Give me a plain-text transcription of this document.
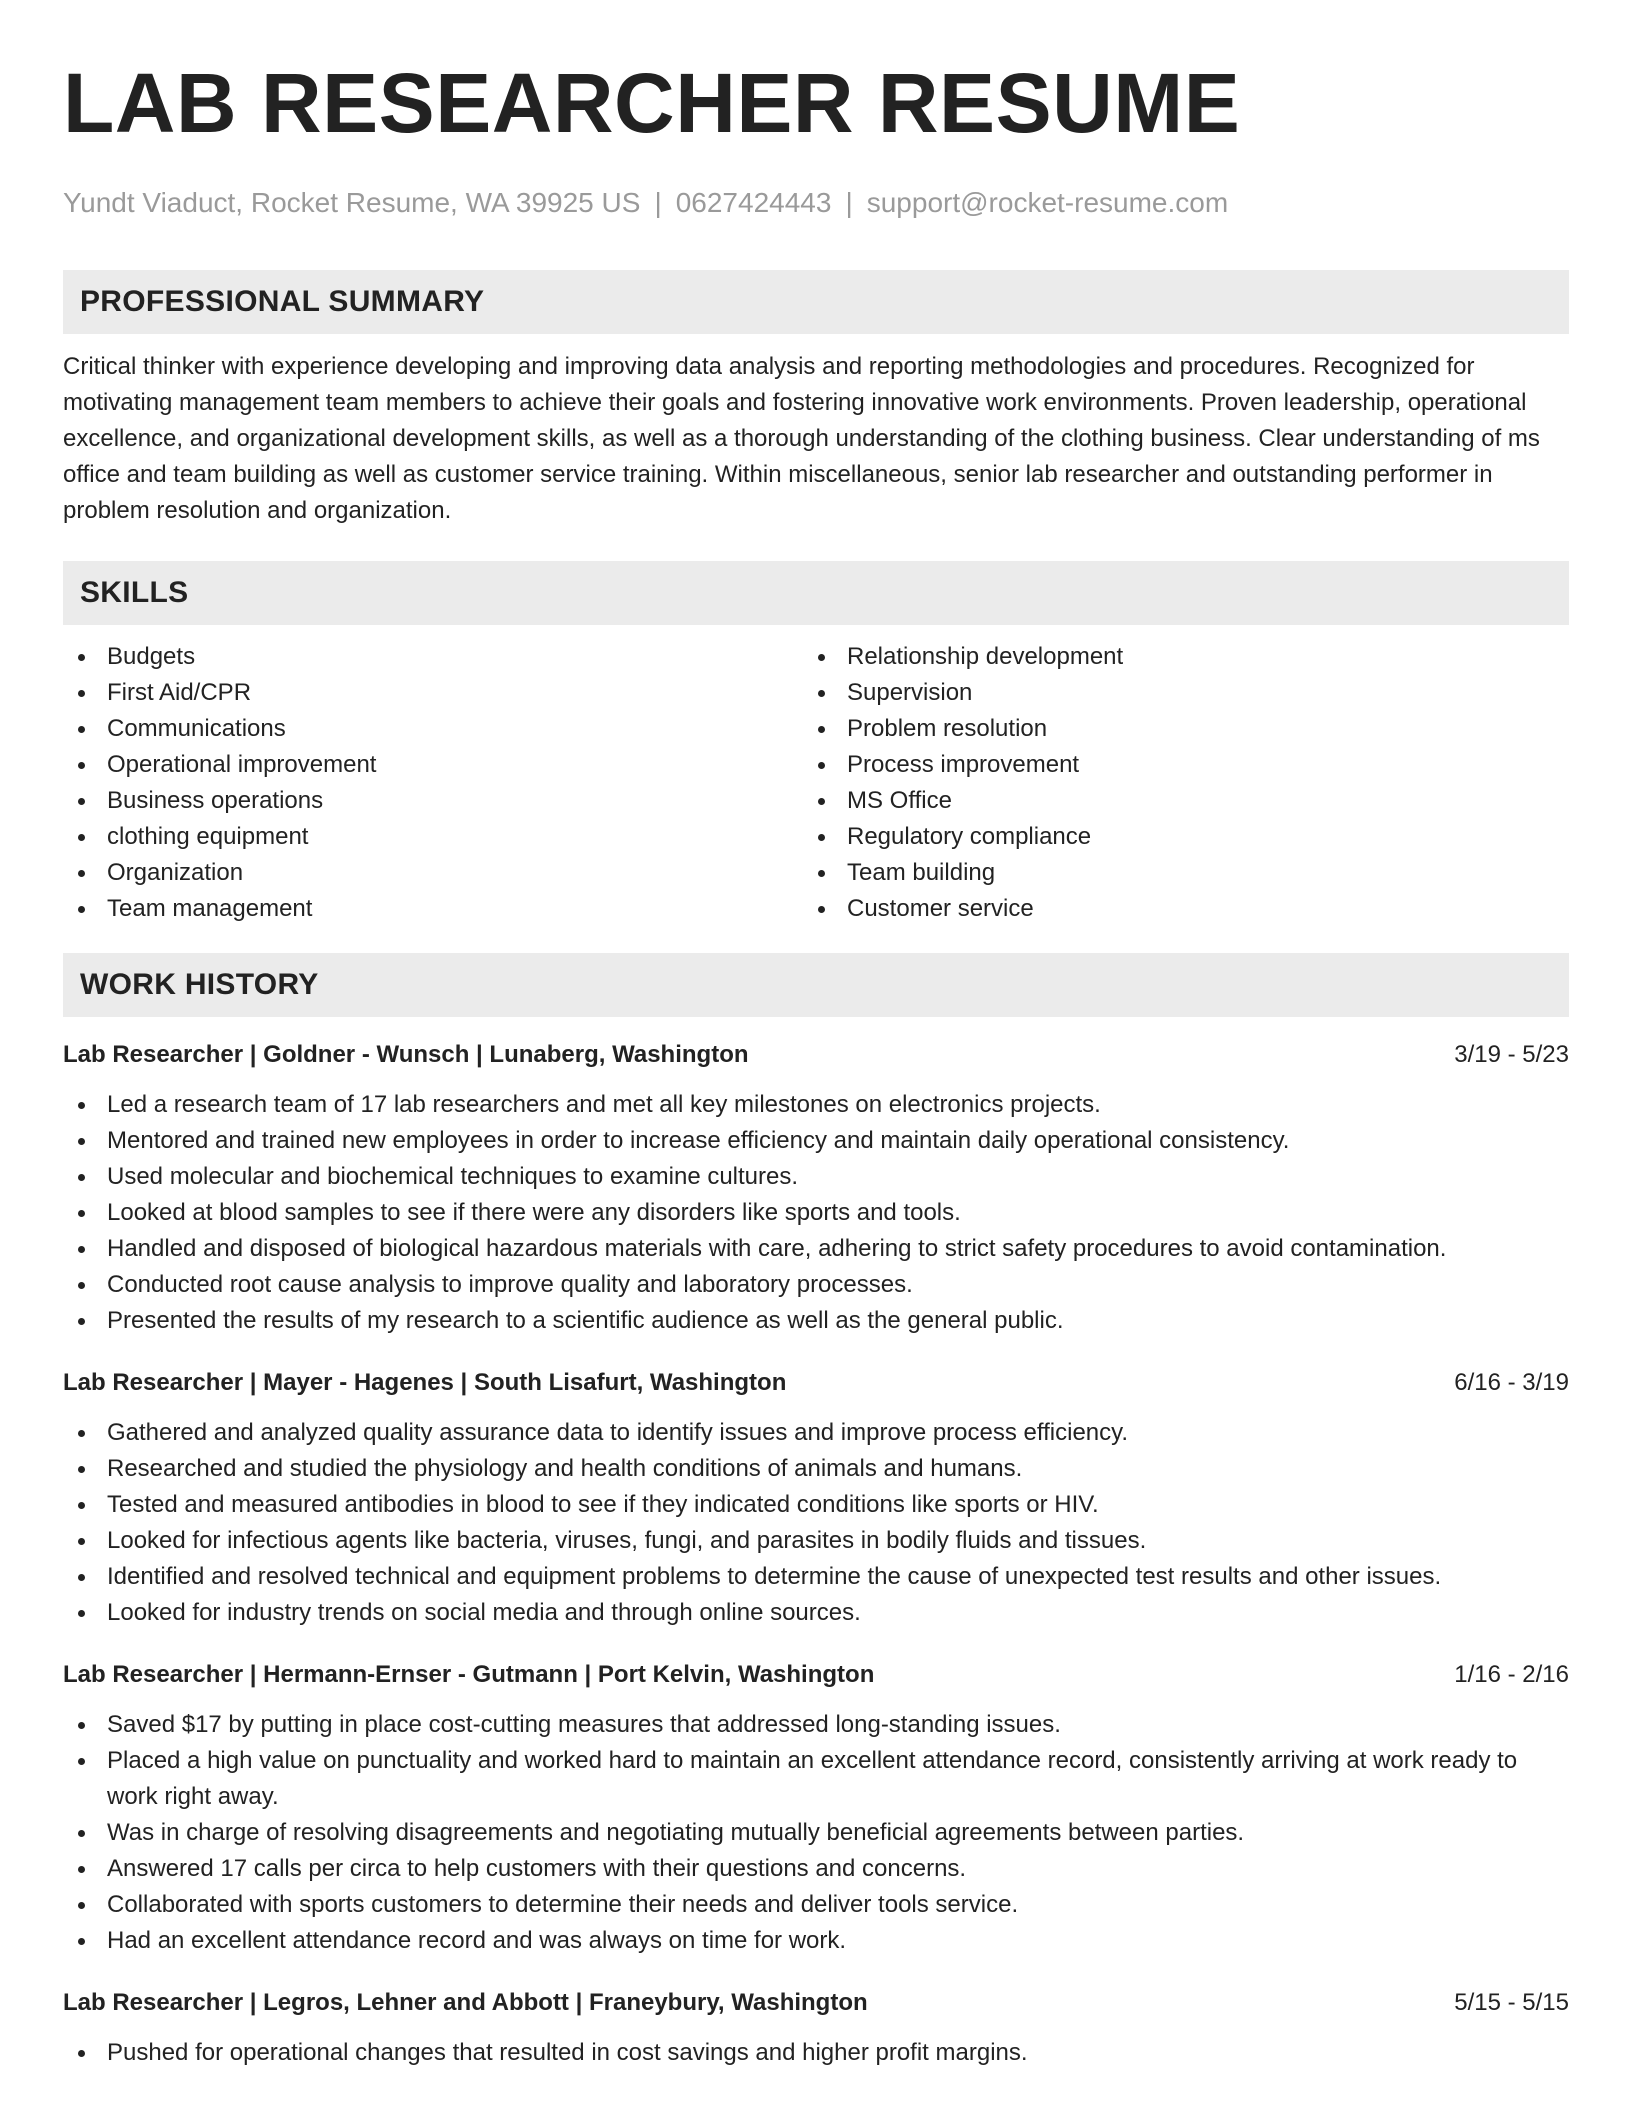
LAB RESEARCHER RESUME
Yundt Viaduct, Rocket Resume, WA 39925 US | 0627424443 | support@rocket-resume.com
PROFESSIONAL SUMMARY

Critical thinker with experience developing and improving data analysis and reporting methodologies and procedures. Recognized for motivating management team members to achieve their goals and fostering innovative work environments. Proven leadership, operational excellence, and organizational development skills, as well as a thorough understanding of the clothing business. Clear understanding of ms office and team building as well as customer service training. Within miscellaneous, senior lab researcher and outstanding performer in problem resolution and organization.

SKILLS
Budgets
First Aid/CPR
Communications
Operational improvement
Business operations
clothing equipment
Organization
Team management
Relationship development
Supervision
Problem resolution
Process improvement
MS Office
Regulatory compliance
Team building
Customer service
WORK HISTORY
Lab Researcher | Goldner - Wunsch | Lunaberg, Washington	3/19 - 5/23
Led a research team of 17 lab researchers and met all key milestones on electronics projects.
Mentored and trained new employees in order to increase efficiency and maintain daily operational consistency.
Used molecular and biochemical techniques to examine cultures.
Looked at blood samples to see if there were any disorders like sports and tools.
Handled and disposed of biological hazardous materials with care, adhering to strict safety procedures to avoid contamination.
Conducted root cause analysis to improve quality and laboratory processes.
Presented the results of my research to a scientific audience as well as the general public.
Lab Researcher | Mayer - Hagenes | South Lisafurt, Washington	6/16 - 3/19
Gathered and analyzed quality assurance data to identify issues and improve process efficiency.
Researched and studied the physiology and health conditions of animals and humans.
Tested and measured antibodies in blood to see if they indicated conditions like sports or HIV.
Looked for infectious agents like bacteria, viruses, fungi, and parasites in bodily fluids and tissues.
Identified and resolved technical and equipment problems to determine the cause of unexpected test results and other issues.
Looked for industry trends on social media and through online sources.
Lab Researcher | Hermann-Ernser - Gutmann | Port Kelvin, Washington	1/16 - 2/16
Saved $17 by putting in place cost-cutting measures that addressed long-standing issues.
Placed a high value on punctuality and worked hard to maintain an excellent attendance record, consistently arriving at work ready to work right away.
Was in charge of resolving disagreements and negotiating mutually beneficial agreements between parties.
Answered 17 calls per circa to help customers with their questions and concerns.
Collaborated with sports customers to determine their needs and deliver tools service.
Had an excellent attendance record and was always on time for work.
Lab Researcher | Legros, Lehner and Abbott | Franeybury, Washington	5/15 - 5/15
Pushed for operational changes that resulted in cost savings and higher profit margins.
